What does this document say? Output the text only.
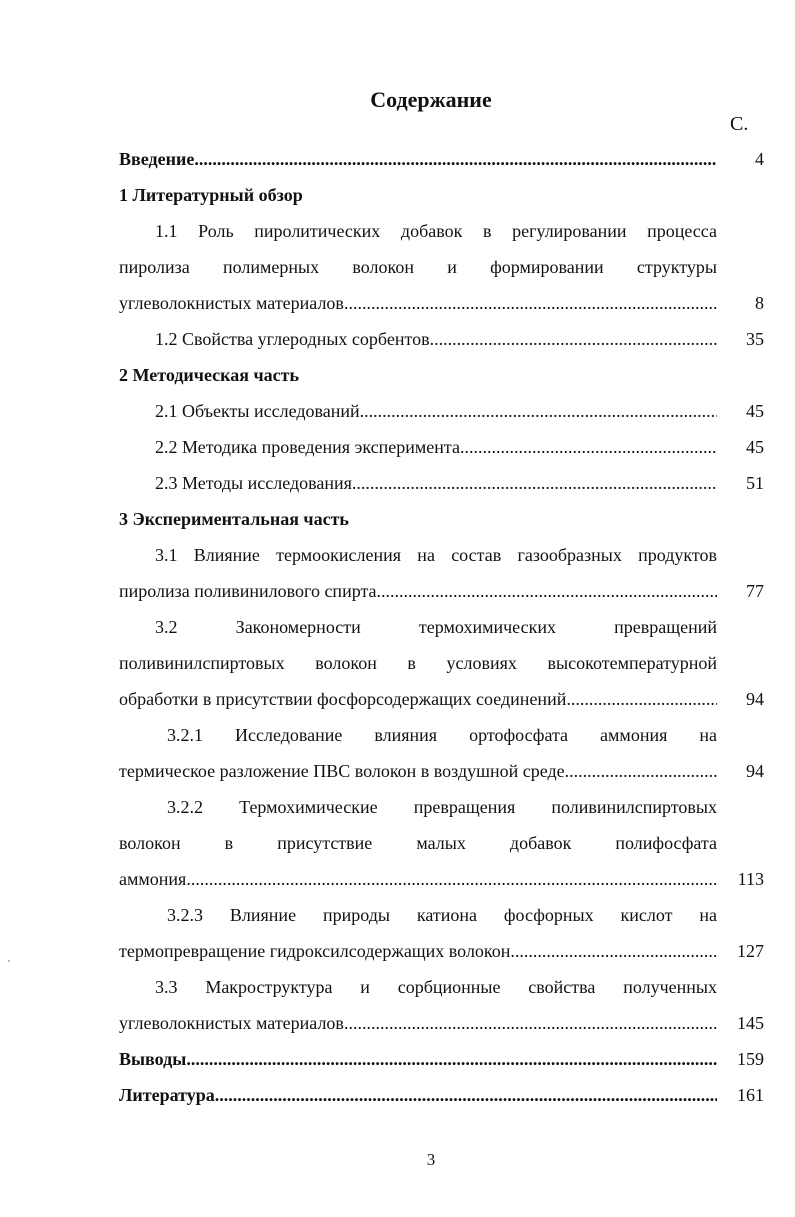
Содержание
С.
Введение .....	4
1 Литературный обзор
1.1 Роль пиролитических добавок в регулировании процесса
пиролиза полимерных волокон и формировании структуры
углеволокнистых материалов .....	8
1.2 Свойства углеродных сорбентов .....	35
2 Методическая часть
2.1 Объекты исследований .....	45
2.2 Методика проведения эксперимента .....	45
2.3 Методы исследования .....	51
3 Экспериментальная часть
3.1 Влияние термоокисления на состав газообразных продуктов
пиролиза поливинилового спирта .....	77
3.2 Закономерности термохимических превращений
поливинилспиртовых волокон в условиях высокотемпературной
обработки в присутствии фосфорсодержащих соединений .....	94
3.2.1 Исследование влияния ортофосфата аммония на
термическое разложение ПВС волокон в воздушной среде .....	94
3.2.2 Термохимические превращения поливинилспиртовых
волокон в присутствие малых добавок полифосфата
аммония .....	113
3.2.3 Влияние природы катиона фосфорных кислот на
термопревращение гидроксилсодержащих волокон .....	127
3.3 Макроструктура и сорбционные свойства полученных
углеволокнистых материалов .....	145
Выводы .....	159
Литература .....	161
3
